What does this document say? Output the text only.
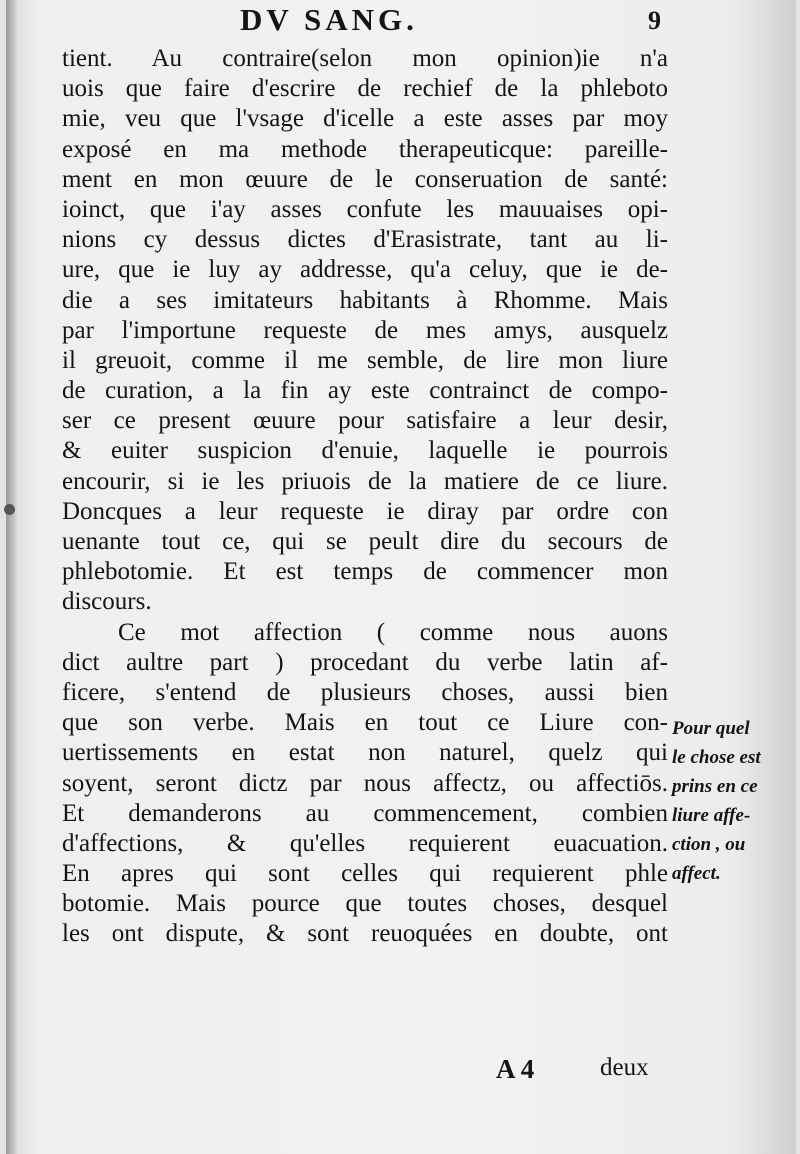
DV SANG.	9
tient. Au contraire(selon mon opinion)ie n'a
uois que faire d'escrire de rechief de la phleboto
mie, veu que l'vsage d'icelle a este asses par moy
exposé en ma methode therapeuticque: pareille-
ment en mon œuure de le conseruation de santé:
ioinct, que i'ay asses confute les mauuaises opi-
nions cy dessus dictes d'Erasistrate, tant au li-
ure, que ie luy ay addresse, qu'a celuy, que ie de-
die a ses imitateurs habitants à Rhomme. Mais
par l'importune requeste de mes amys, ausquelz
il greuoit, comme il me semble, de lire mon liure
de curation, a la fin ay este contrainct de compo-
ser ce present œuure pour satisfaire a leur desir,
& euiter suspicion d'enuie, laquelle ie pourrois
encourir, si ie les priuois de la matiere de ce liure.
Doncques a leur requeste ie diray par ordre con
uenante tout ce, qui se peult dire du secours de
phlebotomie. Et est temps de commencer mon
discours.
Ce mot affection ( comme nous auons
dict aultre part ) procedant du verbe latin af-
ficere, s'entend de plusieurs choses, aussi bien
que son verbe. Mais en tout ce Liure con-
uertissements en estat non naturel, quelz qui
soyent, seront dictz par nous affectz, ou affectiōs.
Et demanderons au commencement, combien
d'affections, & qu'elles requierent euacuation.
En apres qui sont celles qui requierent phle
botomie. Mais pource que toutes choses, desquel
les ont dispute, & sont reuoquées en doubte, ont
Pour quel
le chose est
prins en ce
liure affe-
ction , ou
affect.
A 4	deux
